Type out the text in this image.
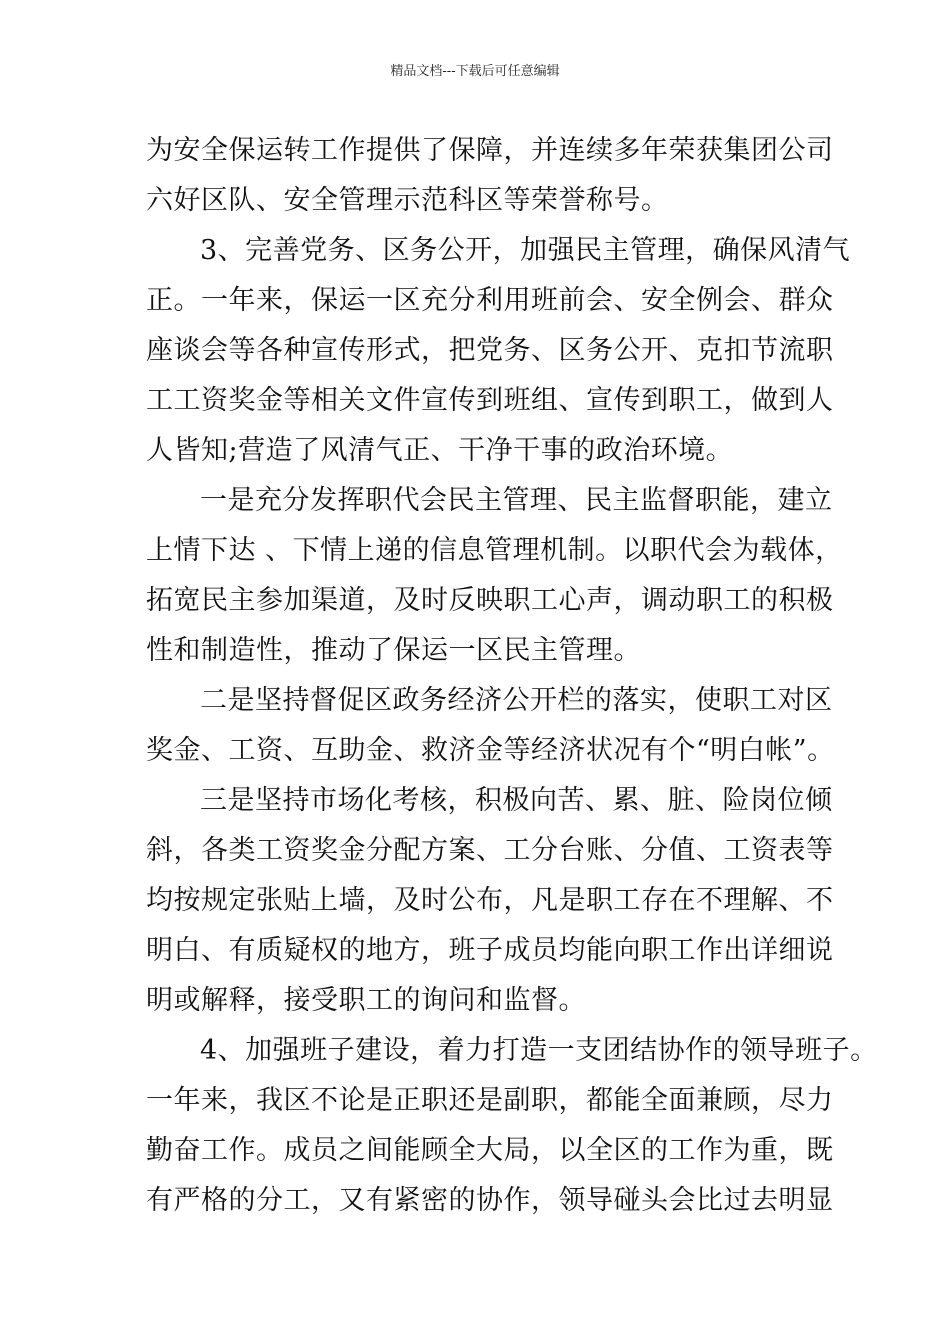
精品文档---下载后可任意编辑
为安全保运转工作提供了保障，并连续多年荣获集团公司
六好区队、安全管理示范科区等荣誉称号。
3、完善党务、区务公开，加强民主管理，确保风清气
正。一年来，保运一区充分利用班前会、安全例会、群众
座谈会等各种宣传形式，把党务、区务公开、克扣节流职
工工资奖金等相关文件宣传到班组、宣传到职工，做到人
人皆知;营造了风清气正、干净干事的政治环境。
一是充分发挥职代会民主管理、民主监督职能，建立
上情下达 、下情上递的信息管理机制。以职代会为载体，
拓宽民主参加渠道，及时反映职工心声，调动职工的积极
性和制造性，推动了保运一区民主管理。
二是坚持督促区政务经济公开栏的落实，使职工对区
奖金、工资、互助金、救济金等经济状况有个“明白帐”。
三是坚持市场化考核，积极向苦、累、脏、险岗位倾
斜，各类工资奖金分配方案、工分台账、分值、工资表等
均按规定张贴上墙，及时公布，凡是职工存在不理解、不
明白、有质疑权的地方，班子成员均能向职工作出详细说
明或解释，接受职工的询问和监督。
4、加强班子建设，着力打造一支团结协作的领导班子。
一年来，我区不论是正职还是副职，都能全面兼顾，尽力
勤奋工作。成员之间能顾全大局，以全区的工作为重，既
有严格的分工，又有紧密的协作，领导碰头会比过去明显
